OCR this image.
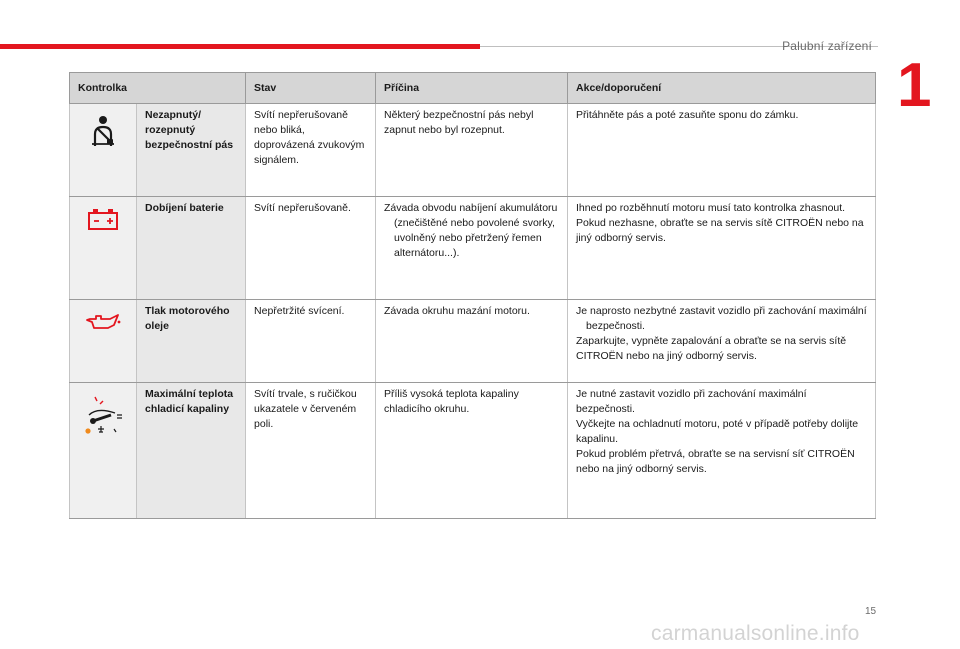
Palubní zařízení
1
Kontrolka		Stav	Příčina	Akce/doporučení
	Nezapnutý/ rozepnutý bezpečnostní pás	Svítí nepřerušovaně nebo bliká, doprovázená zvukovým signálem.	Některý bezpečnostní pás nebyl zapnut nebo byl rozepnut.	Přitáhněte pás a poté zasuňte sponu do zámku.

	Dobíjení baterie	Svítí nepřerušovaně.	Závada obvodu nabíjení akumulátoru (znečištěné nebo povolené svorky, uvolněný nebo přetržený řemen alternátoru...).	Ihned po rozběhnutí motoru musí tato kontrolka zhasnout.
Pokud nezhasne, obraťte se na servis sítě CITROËN nebo na jiný odborný servis.

	Tlak motorového oleje	Nepřetržité svícení.	Závada okruhu mazání motoru.	Je naprosto nezbytné zastavit vozidlo při zachování maximální bezpečnosti.
Zaparkujte, vypněte zapalování a obraťte se na servis sítě CITROËN nebo na jiný odborný servis.

	Maximální teplota chladicí kapaliny	Svítí trvale, s ručičkou ukazatele v červeném poli.	Příliš vysoká teplota kapaliny chladicího okruhu.	Je nutné zastavit vozidlo při zachování maximální bezpečnosti.
Vyčkejte na ochladnutí motoru, poté v případě potřeby dolijte kapalinu.
Pokud problém přetrvá, obraťte se na servisní síť CITROËN nebo na jiný odborný servis.
15
carmanualsonline.info
